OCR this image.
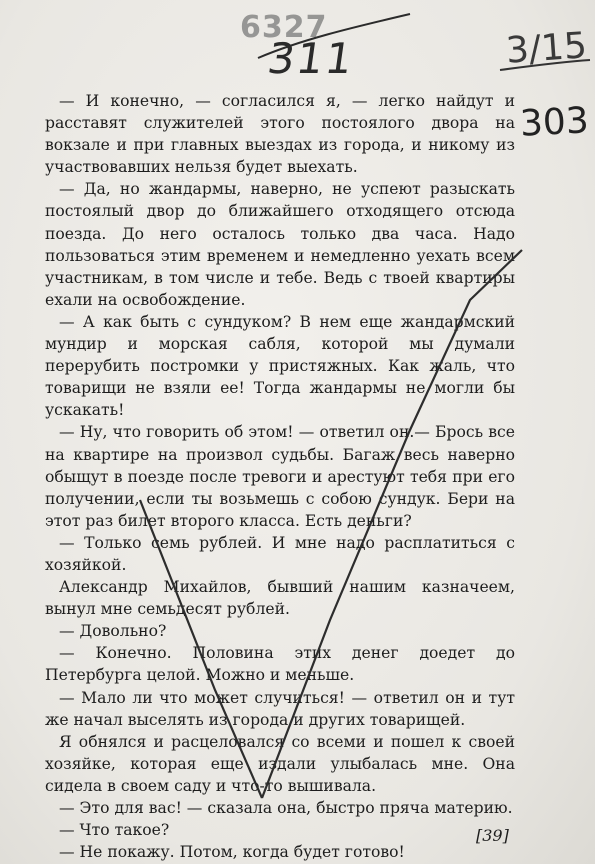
6327
311	3/15
303

— И конечно, — согласился я, — легко найдут и расставят служителей этого постоялого двора на вокзале и при главных выездах из города, и никому из участвовавших нельзя будет выехать.

— Да, но жандармы, наверно, не успеют разыскать постоялый двор до ближайшего отходящего отсюда поезда. До него осталось только два часа. Надо пользоваться этим временем и немедленно уехать всем участникам, в том числе и тебе. Ведь с твоей квартиры ехали на освобождение.

— А как быть с сундуком? В нем еще жандармский мундир и морская сабля, которой мы думали перерубить постромки у пристяжных. Как жаль, что товарищи не взяли ее! Тогда жандармы не могли бы ускакать!

— Ну, что говорить об этом! — ответил он.— Брось все на квартире на произвол судьбы. Багаж весь наверно обыщут в поезде после тревоги и арестуют тебя при его получении, если ты возьмешь с собою сундук. Бери на этот раз билет второго класса. Есть деньги?

— Только семь рублей. И мне надо расплатиться с хозяйкой.

Александр Михайлов, бывший нашим казначеем, вынул мне семьдесят рублей.

— Довольно?

— Конечно. Половина этих денег доедет до Петербурга целой. Можно и меньше.

— Мало ли что может случиться! — ответил он и тут же начал выселять из города и других товарищей.

Я обнялся и расцеловался со всеми и пошел к своей хозяйке, которая еще издали улыбалась мне. Она сидела в своем саду и что-то вышивала.

— Это для вас! — сказала она, быстро пряча материю.

— Что такое?

— Не покажу. Потом, когда будет готово!

[39]
